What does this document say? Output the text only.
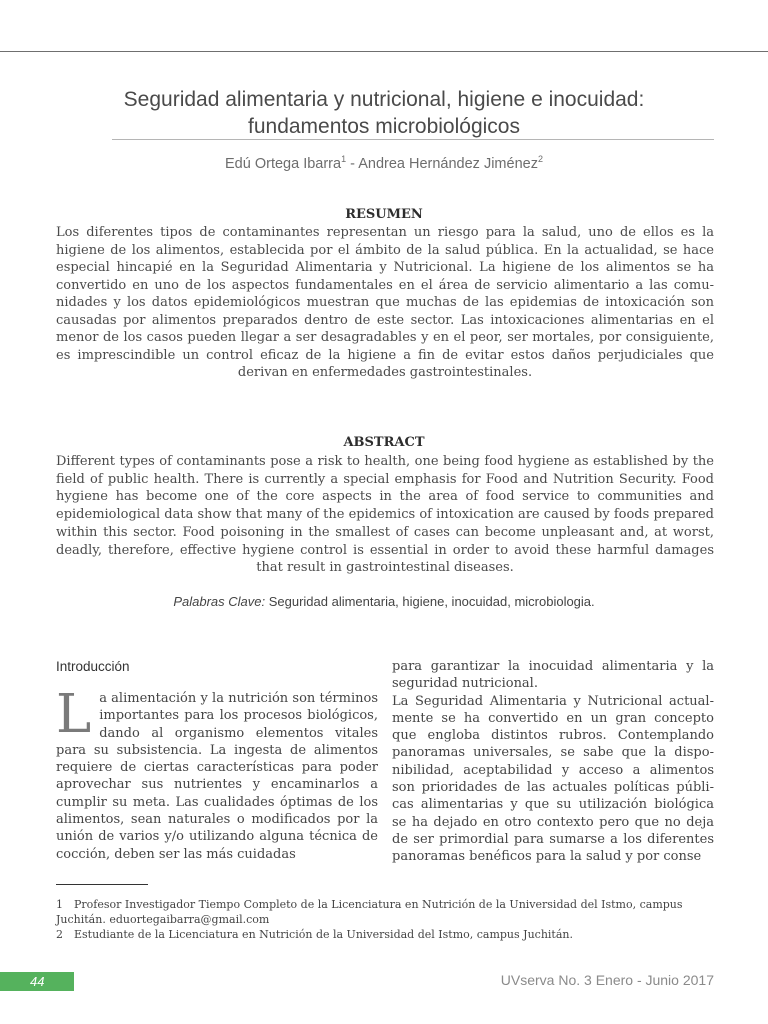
Seguridad alimentaria y nutricional, higiene e inocuidad:
fundamentos microbiológicos
Edú Ortega Ibarra$^1$ - Andrea Hernández Jiménez$^2$
RESUMEN
Los diferentes tipos de contaminantes representan un riesgo para la salud, uno de ellos es la higiene de los alimentos, establecida por el ámbito de la salud pública. En la actualidad, se hace especial hincapié en la Seguridad Alimentaria y Nutricional. La higiene de los alimentos se ha convertido en uno de los aspectos fundamentales en el área de servicio alimentario a las comunidades y los datos epidemiológicos muestran que muchas de las epidemias de intoxicación son causadas por alimentos preparados dentro de este sector. Las intoxicaciones alimentarias en el menor de los casos pueden llegar a ser desagradables y en el peor, ser mortales, por consiguiente, es imprescindible un control eficaz de la higiene a fin de evitar estos daños perjudiciales que derivan en enfermedades gastrointestinales.
ABSTRACT
Different types of contaminants pose a risk to health, one being food hygiene as established by the field of public health. There is currently a special emphasis for Food and Nutrition Security. Food hygiene has become one of the core aspects in the area of food service to communities and epidemiological data show that many of the epidemics of intoxication are caused by foods prepared within this sector. Food poisoning in the smallest of cases can become unpleasant and, at worst, deadly, therefore, effective hygiene control is essential in order to avoid these harmful damages that result in gastrointestinal diseases.
Palabras Clave: Seguridad alimentaria, higiene, inocuidad, microbiologia.
Introducción
L a alimentación y la nutrición son términos importantes para los procesos biológicos, dando al organismo elementos vitales para su subsistencia. La ingesta de alimentos requiere de ciertas características para poder aprovechar sus nutrientes y encaminarlos a cumplir su meta. Las cualidades óptimas de los alimentos, sean naturales o modificados por la unión de varios y/o utilizando alguna técnica de cocción, deben ser las más cuidadas

para garantizar la inocuidad alimentaria y la seguridad nutricional.

La Seguridad Alimentaria y Nutricional actualmente se ha convertido en un gran concepto que engloba distintos rubros. Contemplando panoramas universales, se sabe que la disponibilidad, aceptabilidad y acceso a alimentos son prioridades de las actuales políticas públicas alimentarias y que su utilización biológica se ha dejado en otro contexto pero que no deja de ser primordial para sumarse a los diferentes panoramas benéficos para la salud y por conse

1 Profesor Investigador Tiempo Completo de la Licenciatura en Nutrición de la Universidad del Istmo, campus Juchitán. eduortegaibarra@gmail.com
2 Estudiante de la Licenciatura en Nutrición de la Universidad del Istmo, campus Juchitán.
44	UVserva No. 3 Enero - Junio 2017
